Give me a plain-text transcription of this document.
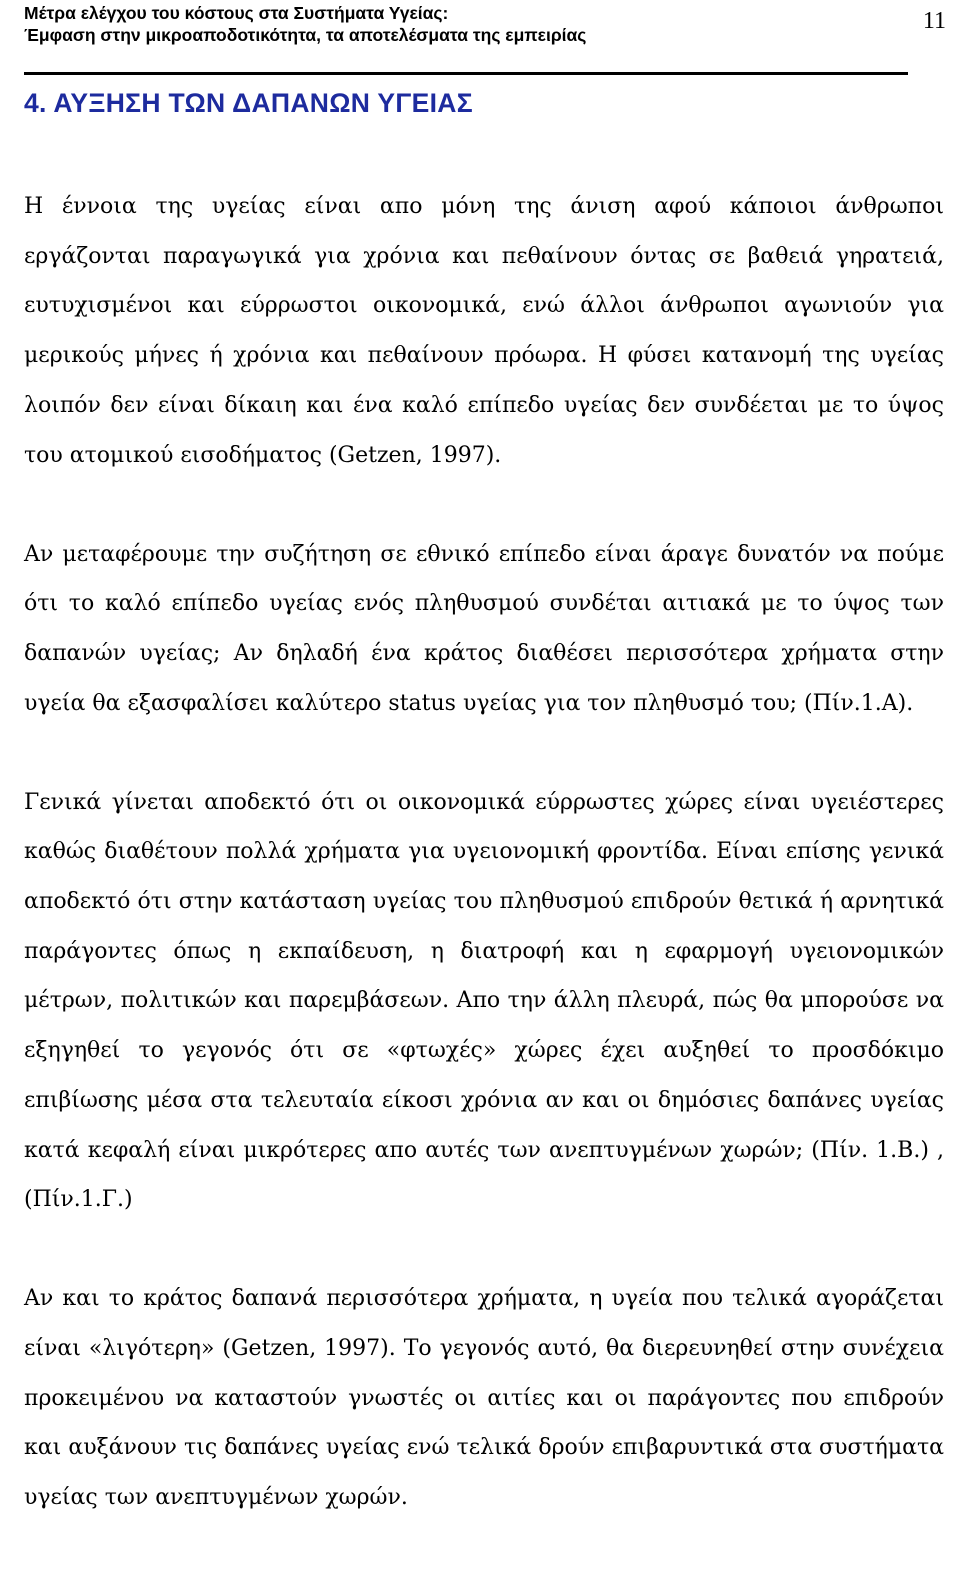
Μέτρα ελέγχου του κόστους στα Συστήματα Υγείας:
Έμφαση στην μικροαποδοτικότητα, τα αποτελέσματα της εμπειρίας
11
4. ΑΥΞΗΣΗ ΤΩΝ ΔΑΠΑΝΩΝ ΥΓΕΙΑΣ

Η έννοια της υγείας είναι απο μόνη της άνιση αφού κάποιοι άνθρωποι εργάζονται παραγωγικά για χρόνια και πεθαίνουν όντας σε βαθειά γηρατειά, ευτυχισμένοι και εύρρωστοι οικονομικά, ενώ άλλοι άνθρωποι αγωνιούν για μερικούς μήνες ή χρόνια και πεθαίνουν πρόωρα. Η φύσει κατανομή της υγείας λοιπόν δεν είναι δίκαιη και ένα καλό επίπεδο υγείας δεν συνδέεται με το ύψος του ατομικού εισοδήματος (Getzen, 1997).

Αν μεταφέρουμε την συζήτηση σε εθνικό επίπεδο είναι άραγε δυνατόν να πούμε ότι το καλό επίπεδο υγείας ενός πληθυσμού συνδέται αιτιακά με το ύψος των δαπανών υγείας; Αν δηλαδή ένα κράτος διαθέσει περισσότερα χρήματα στην υγεία θα εξασφαλίσει καλύτερο status υγείας για τον πληθυσμό του; (Πίν.1.Α).

Γενικά γίνεται αποδεκτό ότι οι οικονομικά εύρρωστες χώρες είναι υγειέστερες καθώς διαθέτουν πολλά χρήματα για υγειονομική φροντίδα. Είναι επίσης γενικά αποδεκτό ότι στην κατάσταση υγείας του πληθυσμού επιδρούν θετικά ή αρνητικά παράγοντες όπως η εκπαίδευση, η διατροφή και η εφαρμογή υγειονομικών μέτρων, πολιτικών και παρεμβάσεων. Απο την άλλη πλευρά, πώς θα μπορούσε να εξηγηθεί το γεγονός ότι σε «φτωχές» χώρες έχει αυξηθεί το προσδόκιμο επιβίωσης μέσα στα τελευταία είκοσι χρόνια αν και οι δημόσιες δαπάνες υγείας κατά κεφαλή είναι μικρότερες απο αυτές των ανεπτυγμένων χωρών; (Πίν. 1.Β.) ,(Πίν.1.Γ.)

Αν και το κράτος δαπανά περισσότερα χρήματα, η υγεία που τελικά αγοράζεται είναι «λιγότερη» (Getzen, 1997). Το γεγονός αυτό, θα διερευνηθεί στην συνέχεια προκειμένου να καταστούν γνωστές οι αιτίες και οι παράγοντες που επιδρούν και αυξάνουν τις δαπάνες υγείας ενώ τελικά δρούν επιβαρυντικά στα συστήματα υγείας των ανεπτυγμένων χωρών.
